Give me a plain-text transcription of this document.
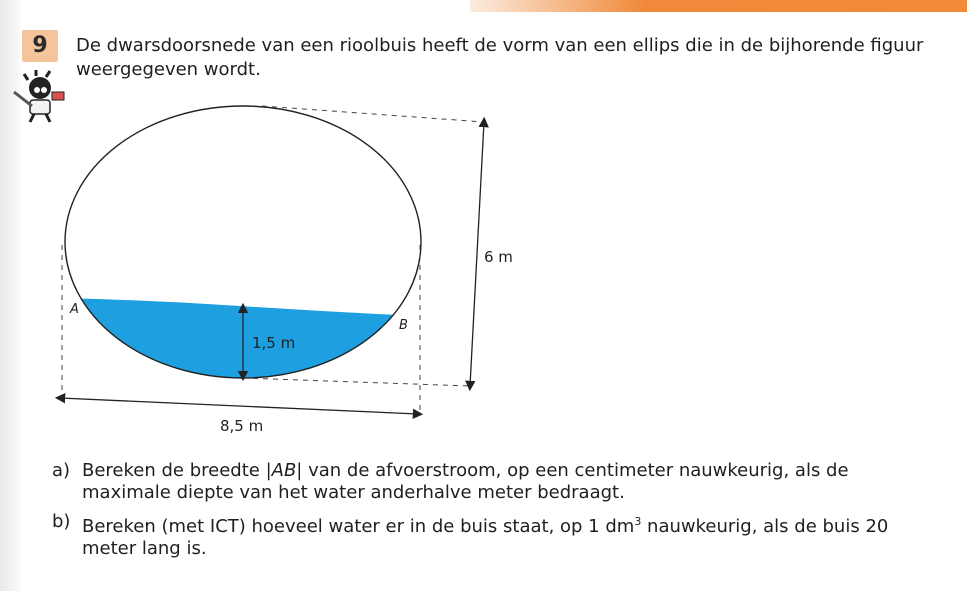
9	De dwarsdoorsnede van een rioolbuis heeft de vorm van een ellips die in de bijhorende figuur weergegeven wordt.

A
B
6 m
8,5 m
1,5 m
a) Bereken de breedte |AB| van de afvoerstroom, op een centimeter nauwkeurig, als de maximale diepte van het water anderhalve meter bedraagt.
b) Bereken (met ICT) hoeveel water er in de buis staat, op 1 $dm^3$ nauwkeurig, als de buis 20 meter lang is.
